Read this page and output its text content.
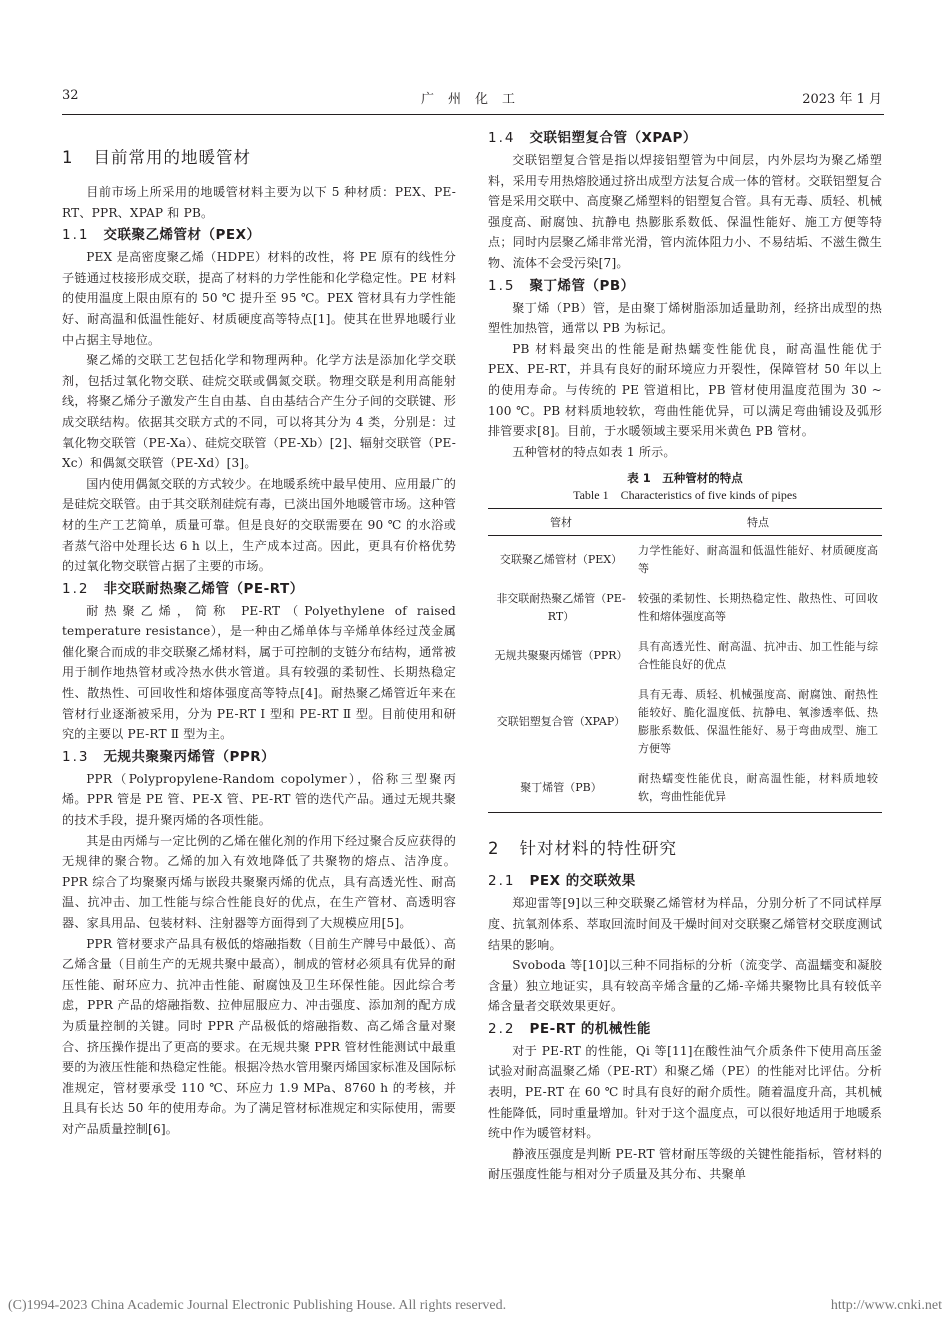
32	广州化工	2023 年 1 月
1 目前常用的地暖管材

目前市场上所采用的地暖管材料主要为以下 5 种材质：PEX、PE-RT、PPR、XPAP 和 PB。

1.1 交联聚乙烯管材（PEX）

PEX 是高密度聚乙烯（HDPE）材料的改性，将 PE 原有的线性分子链通过枝接形成交联，提高了材料的力学性能和化学稳定性。PE 材料的使用温度上限由原有的 50 ℃ 提升至 95 ℃。PEX 管材具有力学性能好、耐高温和低温性能好、材质硬度高等特点[1]。使其在世界地暖行业中占据主导地位。

聚乙烯的交联工艺包括化学和物理两种。化学方法是添加化学交联剂，包括过氧化物交联、硅烷交联或偶氮交联。物理交联是利用高能射线，将聚乙烯分子激发产生自由基、自由基结合产生分子间的交联键、形成交联结构。依据其交联方式的不同，可以将其分为 4 类，分别是：过氧化物交联管（PE-Xa）、硅烷交联管（PE-Xb）[2]、辐射交联管（PE-Xc）和偶氮交联管（PE-Xd）[3]。

国内使用偶氮交联的方式较少。在地暖系统中最早使用、应用最广的是硅烷交联管。由于其交联剂硅烷有毒，已淡出国外地暖管市场。这种管材的生产工艺简单，质量可靠。但是良好的交联需要在 90 ℃ 的水浴或者蒸气浴中处理长达 6 h 以上，生产成本过高。因此，更具有价格优势的过氧化物交联管占据了主要的市场。

1.2 非交联耐热聚乙烯管（PE-RT）

耐热聚乙烯，简称 PE-RT（Polyethylene of raised temperature resistance），是一种由乙烯单体与辛烯单体经过茂金属催化聚合而成的非交联聚乙烯材料，属于可控制的支链分布结构，通常被用于制作地热管材或冷热水供水管道。具有较强的柔韧性、长期热稳定性、散热性、可回收性和熔体强度高等特点[4]。耐热聚乙烯管近年来在管材行业逐渐被采用，分为 PE-RT Ⅰ 型和 PE-RT Ⅱ 型。目前使用和研究的主要以 PE-RT Ⅱ 型为主。

1.3 无规共聚聚丙烯管（PPR）

PPR（Polypropylene-Random copolymer），俗称三型聚丙烯。PPR 管是 PE 管、PE-X 管、PE-RT 管的迭代产品。通过无规共聚的技术手段，提升聚丙烯的各项性能。

其是由丙烯与一定比例的乙烯在催化剂的作用下经过聚合反应获得的无规律的聚合物。乙烯的加入有效地降低了共聚物的熔点、洁净度。PPR 综合了均聚聚丙烯与嵌段共聚聚丙烯的优点，具有高透光性、耐高温、抗冲击、加工性能与综合性能良好的优点，在生产管材、高透明容器、家具用品、包装材料、注射器等方面得到了大规模应用[5]。

PPR 管材要求产品具有极低的熔融指数（目前生产牌号中最低）、高乙烯含量（目前生产的无规共聚中最高），制成的管材必须具有优异的耐压性能、耐环应力、抗冲击性能、耐腐蚀及卫生环保性能。因此综合考虑，PPR 产品的熔融指数、拉伸屈服应力、冲击强度、添加剂的配方成为质量控制的关键。同时 PPR 产品极低的熔融指数、高乙烯含量对聚合、挤压操作提出了更高的要求。在无规共聚 PPR 管材性能测试中最重要的为液压性能和热稳定性能。根据冷热水管用聚丙烯国家标准及国际标准规定，管材要承受 110 ℃、环应力 1.9 MPa、8760 h 的考核，并且具有长达 50 年的使用寿命。为了满足管材标准规定和实际使用，需要对产品质量控制[6]。

1.4 交联铝塑复合管（XPAP）

交联铝塑复合管是指以焊接铝塑管为中间层，内外层均为聚乙烯塑料，采用专用热熔胶通过挤出成型方法复合成一体的管材。交联铝塑复合管是采用交联中、高度聚乙烯塑料的铝塑复合管。具有无毒、质轻、机械强度高、耐腐蚀、抗静电 热膨胀系数低、保温性能好、施工方便等特点；同时内层聚乙烯非常光滑，管内流体阻力小、不易结垢、不滋生微生物、流体不会受污染[7]。

1.5 聚丁烯管（PB）

聚丁烯（PB）管，是由聚丁烯树脂添加适量助剂，经挤出成型的热塑性加热管，通常以 PB 为标记。

PB 材料最突出的性能是耐热蠕变性能优良，耐高温性能优于 PEX、PE-RT，并具有良好的耐环境应力开裂性，保障管材 50 年以上的使用寿命。与传统的 PE 管道相比，PB 管材使用温度范围为 30 ~ 100 ℃。PB 材料质地较软，弯曲性能优异，可以满足弯曲铺设及弧形排管要求[8]。目前，于水暖领域主要采用米黄色 PB 管材。

五种管材的特点如表 1 所示。

表 1　五种管材的特点
Table 1　Characteristics of five kinds of pipes
管材	特点
交联聚乙烯管材（PEX）	力学性能好、耐高温和低温性能好、材质硬度高等
非交联耐热聚乙烯管（PE-RT）	较强的柔韧性、长期热稳定性、散热性、可回收性和熔体强度高等
无规共聚聚丙烯管（PPR）	具有高透光性、耐高温、抗冲击、加工性能与综合性能良好的优点
交联铝塑复合管（XPAP）	具有无毒、质轻、机械强度高、耐腐蚀、耐热性能较好、脆化温度低、抗静电、氧渗透率低、热膨胀系数低、保温性能好、易于弯曲成型、施工方便等
聚丁烯管（PB）	耐热蠕变性能优良，耐高温性能，材料质地较软，弯曲性能优异
2 针对材料的特性研究
2.1 PEX 的交联效果

郑迎雷等[9]以三种交联聚乙烯管材为样品，分别分析了不同试样厚度、抗氧剂体系、萃取回流时间及干燥时间对交联聚乙烯管材交联度测试结果的影响。

Svoboda 等[10]以三种不同指标的分析（流变学、高温蠕变和凝胶含量）独立地证实，具有较高辛烯含量的乙烯-辛烯共聚物比具有较低辛烯含量者交联效果更好。

2.2 PE-RT 的机械性能

对于 PE-RT 的性能，Qi 等[11]在酸性油气介质条件下使用高压釜试验对耐高温聚乙烯（PE-RT）和聚乙烯（PE）的性能对比评估。分析表明，PE-RT 在 60 ℃ 时具有良好的耐介质性。随着温度升高，其机械性能降低，同时重量增加。针对于这个温度点，可以很好地适用于地暖系统中作为暖管材料。

静液压强度是判断 PE-RT 管材耐压等级的关键性能指标，管材料的耐压强度性能与相对分子质量及其分布、共聚单

(C)1994-2023 China Academic Journal Electronic Publishing House. All rights reserved.	http://www.cnki.net
